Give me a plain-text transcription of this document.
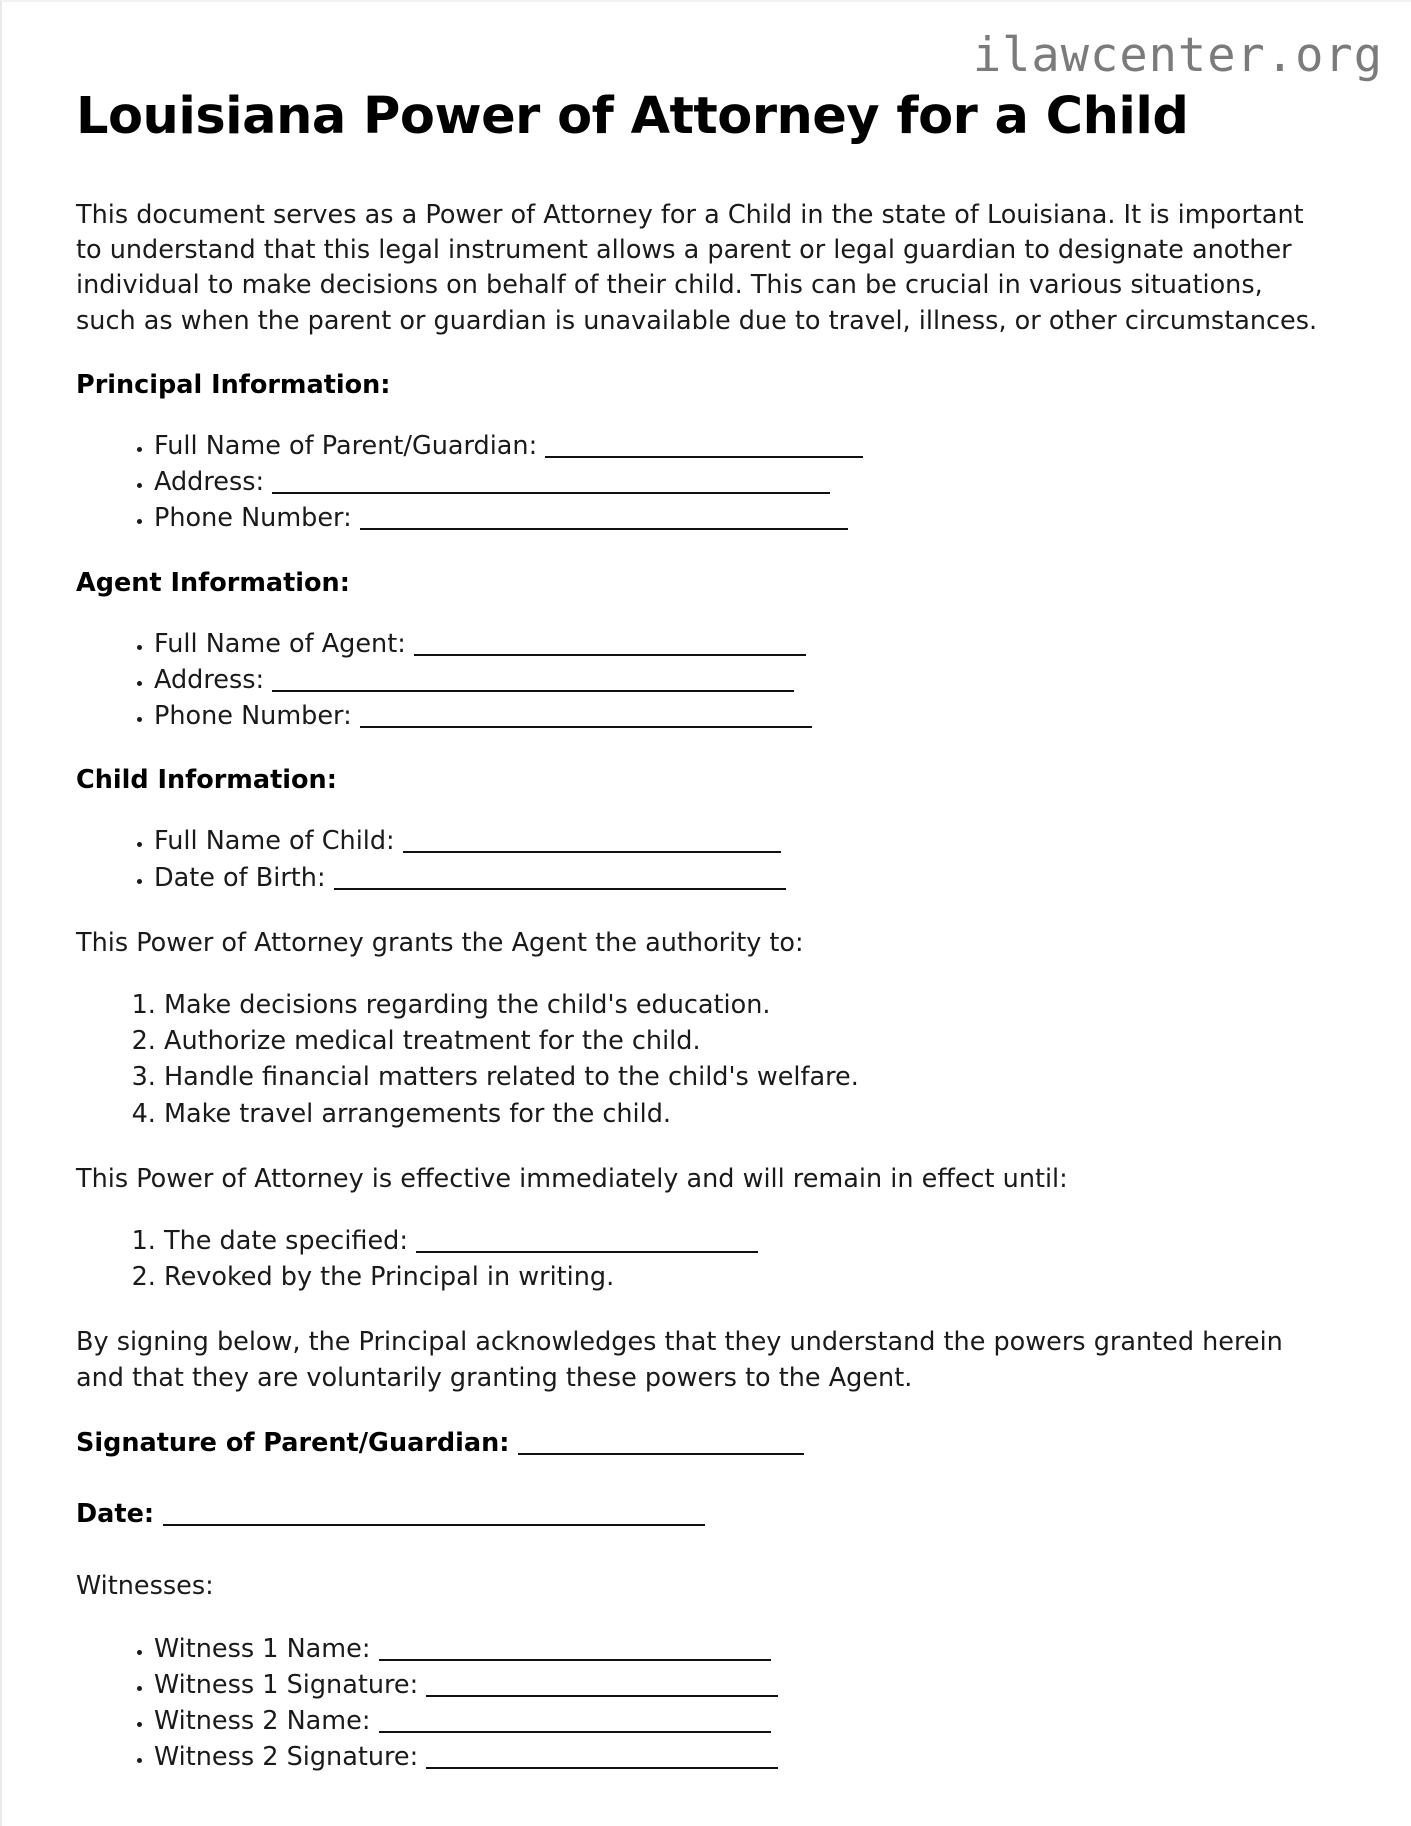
ilawcenter.org
Louisiana Power of Attorney for a Child

This document serves as a Power of Attorney for a Child in the state of Louisiana. It is important to understand that this legal instrument allows a parent or legal guardian to designate another individual to make decisions on behalf of their child. This can be crucial in various situations, such as when the parent or guardian is unavailable due to travel, illness, or other circumstances.

Principal Information:
• Full Name of Parent/Guardian:
• Address:
• Phone Number:
Agent Information:
• Full Name of Agent:
• Address:
• Phone Number:
Child Information:
• Full Name of Child:
• Date of Birth:

This Power of Attorney grants the Agent the authority to:

1. Make decisions regarding the child's education.
2. Authorize medical treatment for the child.
3. Handle financial matters related to the child's welfare.
4. Make travel arrangements for the child.

This Power of Attorney is effective immediately and will remain in effect until:

1. The date specified:
2. Revoked by the Principal in writing.

By signing below, the Principal acknowledges that they understand the powers granted herein and that they are voluntarily granting these powers to the Agent.

Signature of Parent/Guardian:
Date:
Witnesses:
• Witness 1 Name:
• Witness 1 Signature:
• Witness 2 Name:
• Witness 2 Signature:
